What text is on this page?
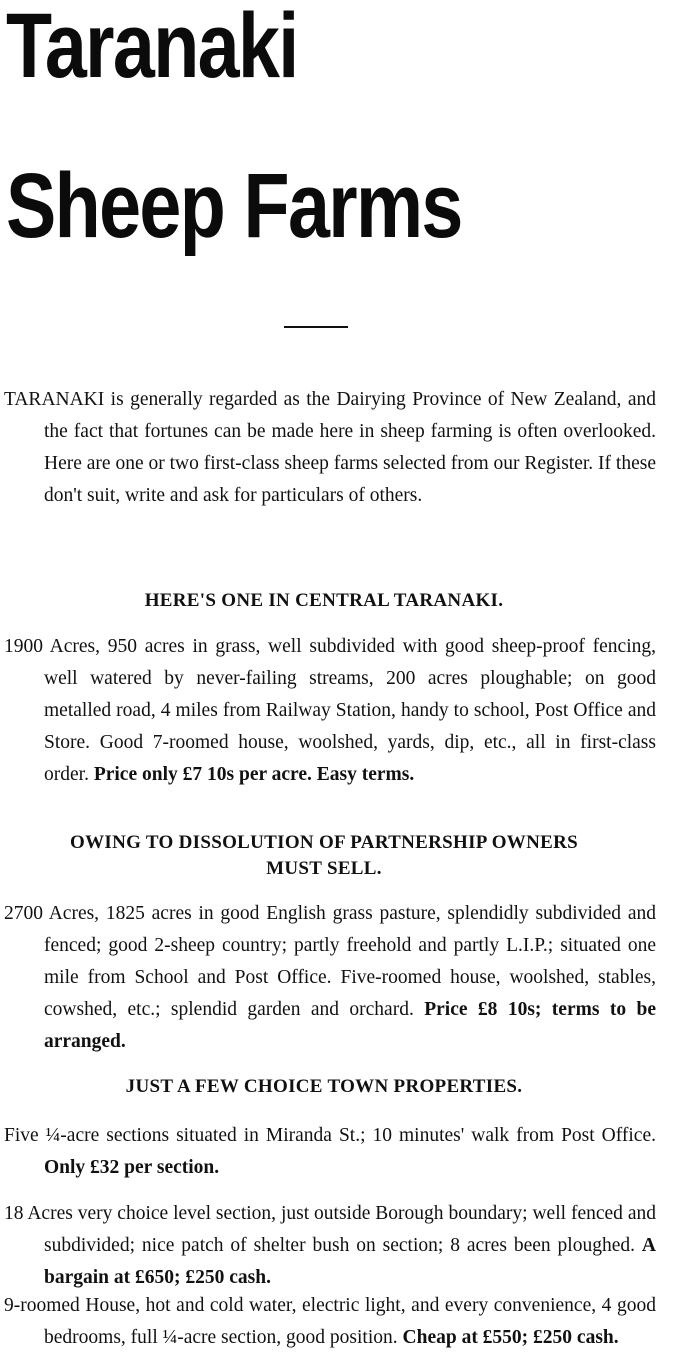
Taranaki
Sheep Farms

TARANAKI is generally regarded as the Dairying Province of New Zealand, and the fact that fortunes can be made here in sheep farming is often overlooked. Here are one or two first-class sheep farms selected from our Register. If these don't suit, write and ask for particulars of others.

HERE'S ONE IN CENTRAL TARANAKI.

1900 Acres, 950 acres in grass, well subdivided with good sheep-proof fencing, well watered by never-failing streams, 200 acres ploughable; on good metalled road, 4 miles from Railway Station, handy to school, Post Office and Store. Good 7-roomed house, woolshed, yards, dip, etc., all in first-class order. Price only £7 10s per acre. Easy terms.

OWING TO DISSOLUTION OF PARTNERSHIP OWNERS
MUST SELL.

2700 Acres, 1825 acres in good English grass pasture, splendidly subdivided and fenced; good 2-sheep country; partly freehold and partly L.I.P.; situated one mile from School and Post Office. Five-roomed house, woolshed, stables, cowshed, etc.; splendid garden and orchard. Price £8 10s; terms to be arranged.

JUST A FEW CHOICE TOWN PROPERTIES.

Five ¼-acre sections situated in Miranda St.; 10 minutes' walk from Post Office. Only £32 per section.

18 Acres very choice level section, just outside Borough boundary; well fenced and subdivided; nice patch of shelter bush on section; 8 acres been ploughed. A bargain at £650; £250 cash.

9-roomed House, hot and cold water, electric light, and every convenience, 4 good bedrooms, full ¼-acre section, good position. Cheap at £550; £250 cash.
